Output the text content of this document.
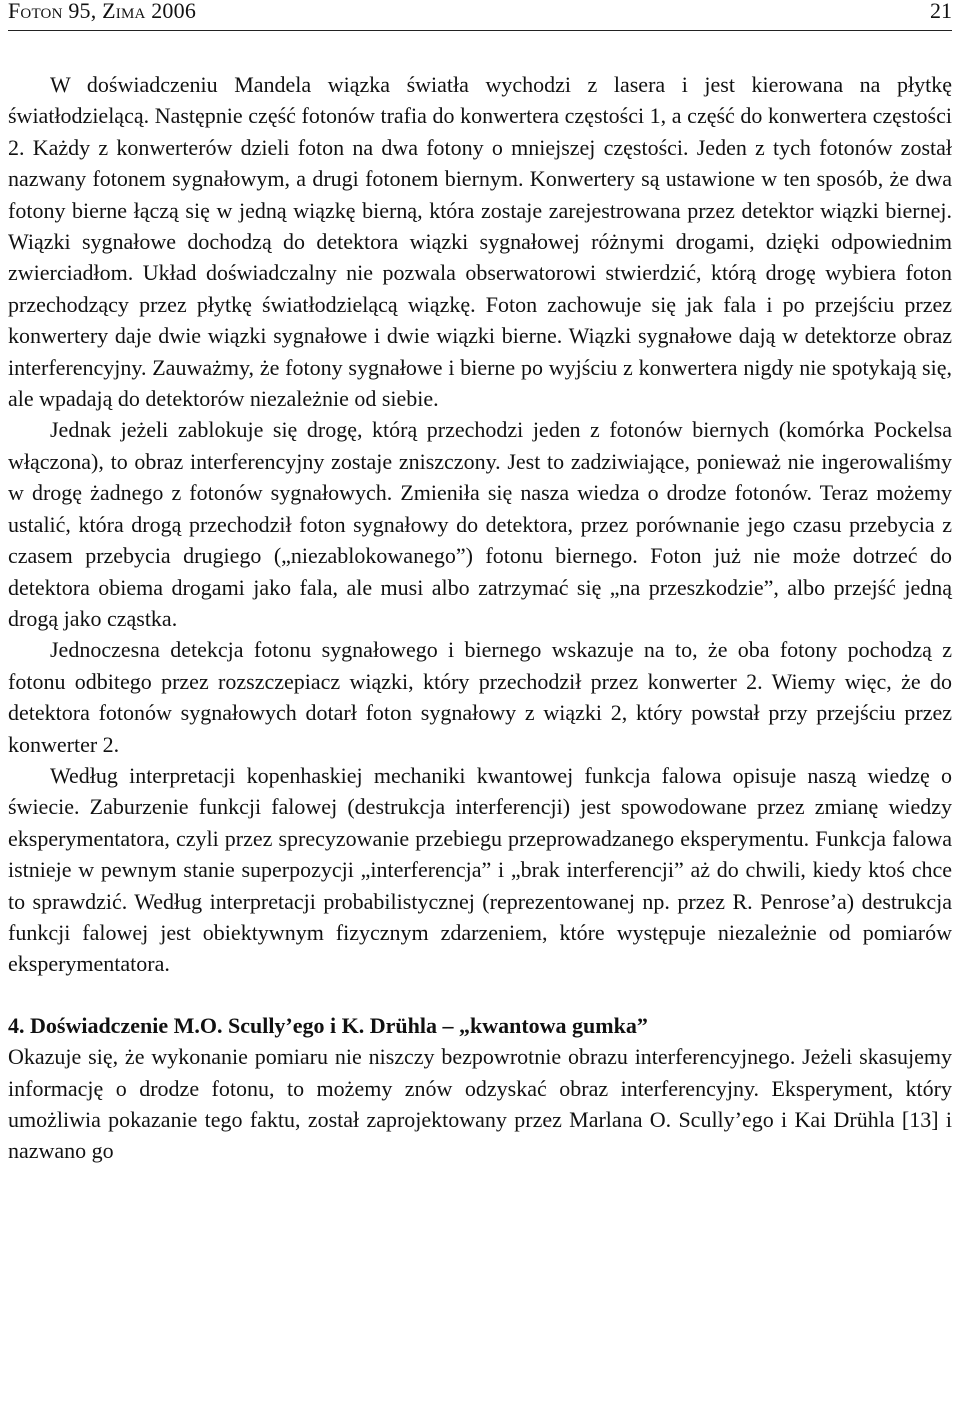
Foton 95, Zima 2006	21

W doświadczeniu Mandela wiązka światła wychodzi z lasera i jest kierowana na płytkę światłodzielącą. Następnie część fotonów trafia do konwertera częstości 1, a część do konwertera częstości 2. Każdy z konwerterów dzieli foton na dwa fotony o mniejszej częstości. Jeden z tych fotonów został nazwany fotonem sygnałowym, a drugi fotonem biernym. Konwertery są ustawione w ten sposób, że dwa fotony bierne łączą się w jedną wiązkę bierną, która zostaje zarejestrowana przez detektor wiązki biernej. Wiązki sygnałowe dochodzą do detektora wiązki sygnałowej różnymi drogami, dzięki odpowiednim zwierciadłom. Układ doświadczalny nie pozwala obserwatorowi stwierdzić, którą drogę wybiera foton przechodzący przez płytkę światłodzielącą wiązkę. Foton zachowuje się jak fala i po przejściu przez konwertery daje dwie wiązki sygnałowe i dwie wiązki bierne. Wiązki sygnałowe dają w detektorze obraz interferencyjny. Zauważmy, że fotony sygnałowe i bierne po wyjściu z konwertera nigdy nie spotykają się, ale wpadają do detektorów niezależnie od siebie.

Jednak jeżeli zablokuje się drogę, którą przechodzi jeden z fotonów biernych (komórka Pockelsa włączona), to obraz interferencyjny zostaje zniszczony. Jest to zadziwiające, ponieważ nie ingerowaliśmy w drogę żadnego z fotonów sygnałowych. Zmieniła się nasza wiedza o drodze fotonów. Teraz możemy ustalić, która drogą przechodził foton sygnałowy do detektora, przez porównanie jego czasu przebycia z czasem przebycia drugiego („niezablokowanego”) fotonu biernego. Foton już nie może dotrzeć do detektora obiema drogami jako fala, ale musi albo zatrzymać się „na przeszkodzie”, albo przejść jedną drogą jako cząstka.

Jednoczesna detekcja fotonu sygnałowego i biernego wskazuje na to, że oba fotony pochodzą z fotonu odbitego przez rozszczepiacz wiązki, który przechodził przez konwerter 2. Wiemy więc, że do detektora fotonów sygnałowych dotarł foton sygnałowy z wiązki 2, który powstał przy przejściu przez konwerter 2.

Według interpretacji kopenhaskiej mechaniki kwantowej funkcja falowa opisuje naszą wiedzę o świecie. Zaburzenie funkcji falowej (destrukcja interferencji) jest spowodowane przez zmianę wiedzy eksperymentatora, czyli przez sprecyzowanie przebiegu przeprowadzanego eksperymentu. Funkcja falowa istnieje w pewnym stanie superpozycji „interferencja” i „brak interferencji” aż do chwili, kiedy ktoś chce to sprawdzić. Według interpretacji probabilistycznej (reprezentowanej np. przez R. Penrose’a) destrukcja funkcji falowej jest obiektywnym fizycznym zdarzeniem, które występuje niezależnie od pomiarów eksperymentatora.

4. Doświadczenie M.O. Scully’ego i K. Drühla – „kwantowa gumka”

Okazuje się, że wykonanie pomiaru nie niszczy bezpowrotnie obrazu interferencyjnego. Jeżeli skasujemy informację o drodze fotonu, to możemy znów odzyskać obraz interferencyjny. Eksperyment, który umożliwia pokazanie tego faktu, został zaprojektowany przez Marlana O. Scully’ego i Kai Drühla [13] i nazwano go
